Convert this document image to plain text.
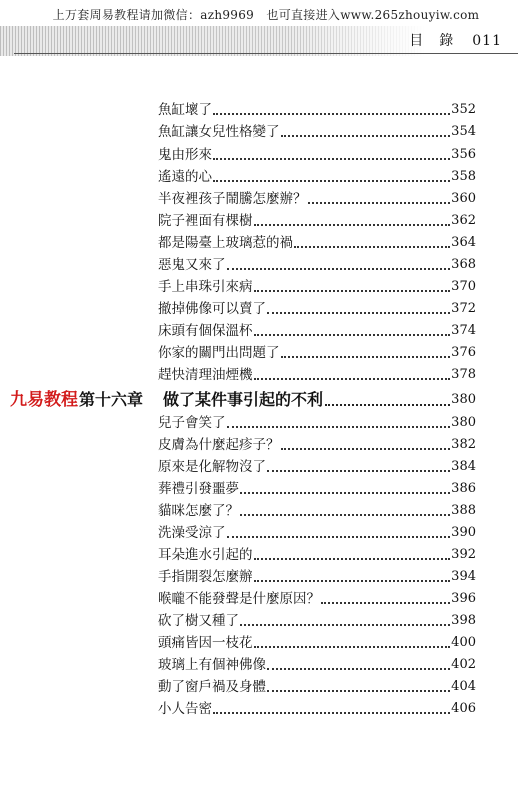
上万套周易教程请加微信：azh9969　也可直接进入www.265zhouyiw.com
目　錄 011
魚缸壞了	352
魚缸讓女兒性格變了	354
鬼由形來	356
遙遠的心	358
半夜裡孩子鬧騰怎麼辦？	360
院子裡面有棵樹	362
都是陽臺上玻璃惹的禍	364
惡鬼又來了	368
手上串珠引來病	370
撤掉佛像可以賣了	372
床頭有個保溫杯	374
你家的關門出問題了	376
趕快清理油煙機	378
九易教程 第十六章 做了某件事引起的不利	380
兒子會笑了	380
皮膚為什麼起疹子？	382
原來是化解物沒了	384
葬禮引發噩夢	386
貓咪怎麼了？	388
洗澡受涼了	390
耳朵進水引起的	392
手指開裂怎麼辦	394
喉嚨不能發聲是什麼原因？	396
砍了樹又種了	398
頭痛皆因一枝花	400
玻璃上有個神佛像	402
動了窗戶禍及身體	404
小人告密	406
